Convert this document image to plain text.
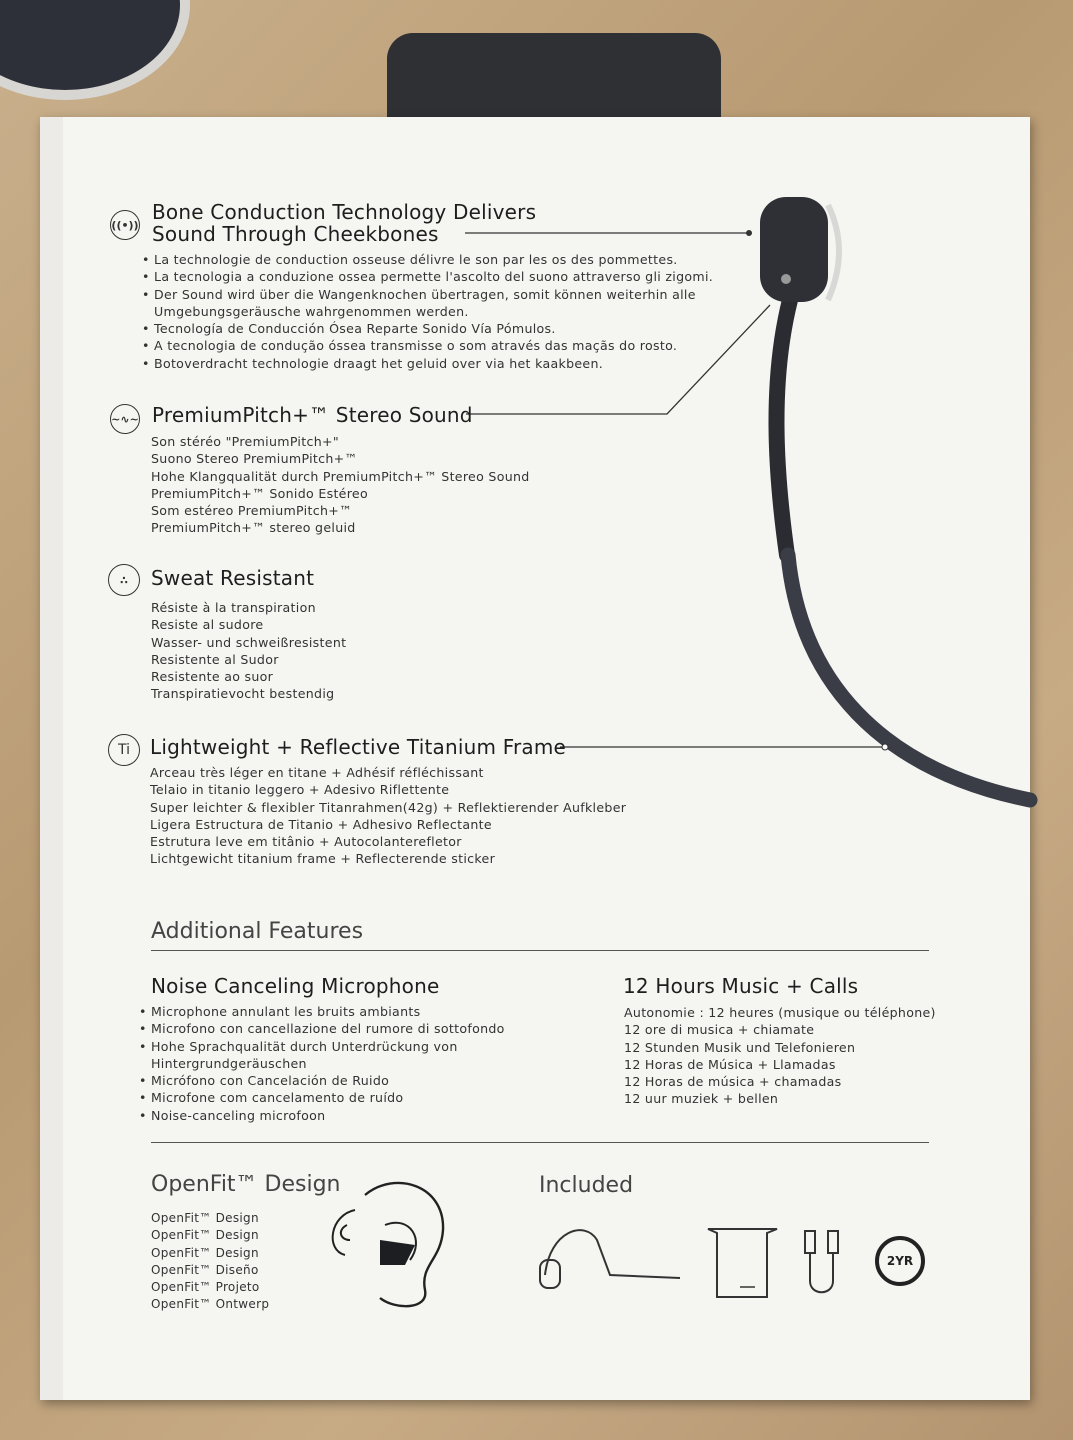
((•))
Bone Conduction Technology Delivers
Sound Through Cheekbones
• La technologie de conduction osseuse délivre le son par les os des pommettes.
• La tecnologia a conduzione ossea permette l'ascolto del suono attraverso gli zigomi.
• Der Sound wird über die Wangenknochen übertragen, somit können weiterhin alle
Umgebungsgeräusche wahrgenommen werden.
• Tecnología de Conducción Ósea Reparte Sonido Vía Pómulos.
• A tecnologia de condução óssea transmisse o som através das maçãs do rosto.
• Botoverdracht technologie draagt het geluid over via het kaakbeen.
~∿~ PremiumPitch+™ Stereo Sound
Son stéréo "PremiumPitch+"
Suono Stereo PremiumPitch+™
Hohe Klangqualität durch PremiumPitch+™ Stereo Sound
PremiumPitch+™ Sonido Estéreo
Som estéreo PremiumPitch+™
PremiumPitch+™ stereo geluid
∴	Sweat Resistant
Résiste à la transpiration
Resiste al sudore
Wasser- und schweißresistent
Resistente al Sudor
Resistente ao suor
Transpiratievocht bestendig
Ti	Lightweight + Reflective Titanium Frame
Arceau très léger en titane + Adhésif réfléchissant
Telaio in titanio leggero + Adesivo Riflettente
Super leichter & flexibler Titanrahmen(42g) + Reflektierender Aufkleber
Ligera Estructura de Titanio + Adhesivo Reflectante
Estrutura leve em titânio + Autocolanterefletor
Lichtgewicht titanium frame + Reflecterende sticker
Additional Features
Noise Canceling Microphone
• Microphone annulant les bruits ambiants
• Microfono con cancellazione del rumore di sottofondo
• Hohe Sprachqualität durch Unterdrückung von
Hintergrundgeräuschen
• Micrófono con Cancelación de Ruido
• Microfone com cancelamento de ruído
• Noise-canceling microfoon
12 Hours Music + Calls
Autonomie : 12 heures (musique ou téléphone)
12 ore di musica + chiamate
12 Stunden Musik und Telefonieren
12 Horas de Música + Llamadas
12 Horas de música + chamadas
12 uur muziek + bellen
OpenFit™ Design
OpenFit™ Design
OpenFit™ Design
OpenFit™ Design
OpenFit™ Diseño
OpenFit™ Projeto
OpenFit™ Ontwerp
Included
2YR
